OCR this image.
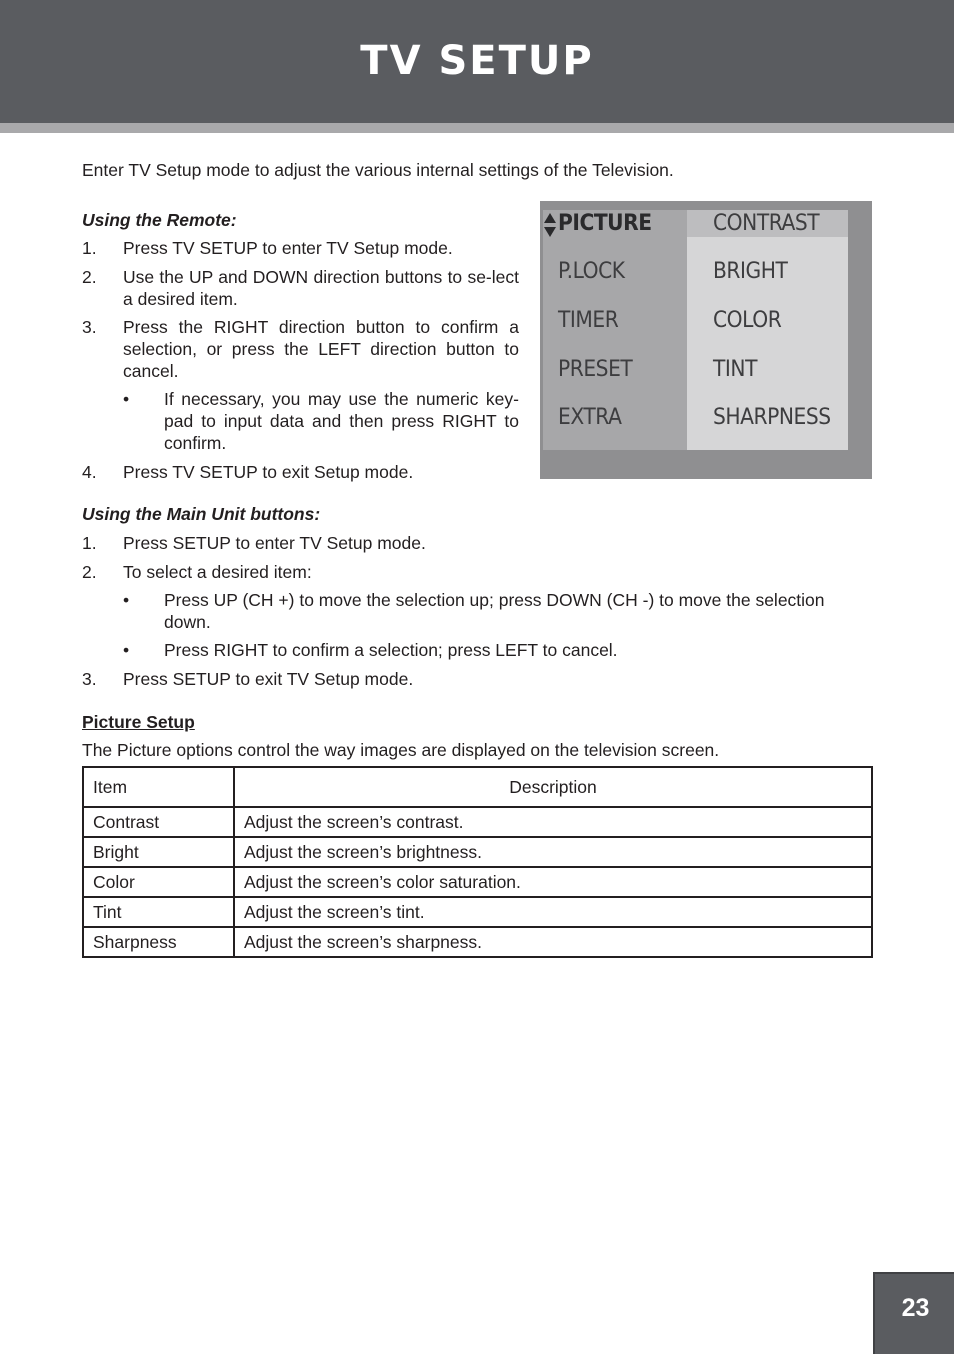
TV SETUP

Enter TV Setup mode to adjust the various internal settings of the Television.

Using the Remote:

1. Press TV SETUP to enter TV Setup mode.
2. Use the UP and DOWN direction buttons to se-lect a desired item.
3. Press the RIGHT direction button to confirm a selection, or press the LEFT direction button to cancel.
• If necessary, you may use the numeric key-pad to input data and then press RIGHT to confirm.
4. Press TV SETUP to exit Setup mode.
PICTURE
P.LOCK
TIMER
PRESET
EXTRA
CONTRAST
BRIGHT
COLOR
TINT
SHARPNESS

Using the Main Unit buttons:

1. Press SETUP to enter TV Setup mode.
2. To select a desired item:
• Press UP (CH +) to move the selection up; press DOWN (CH -) to move the selection down.
• Press RIGHT to confirm a selection; press LEFT to cancel.
3. Press SETUP to exit TV Setup mode.

Picture Setup

The Picture options control the way images are displayed on the television screen.

Item	Description
Contrast	Adjust the screen’s contrast.
Bright	Adjust the screen’s brightness.
Color	Adjust the screen’s color saturation.
Tint	Adjust the screen’s tint.
Sharpness	Adjust the screen’s sharpness.
23
